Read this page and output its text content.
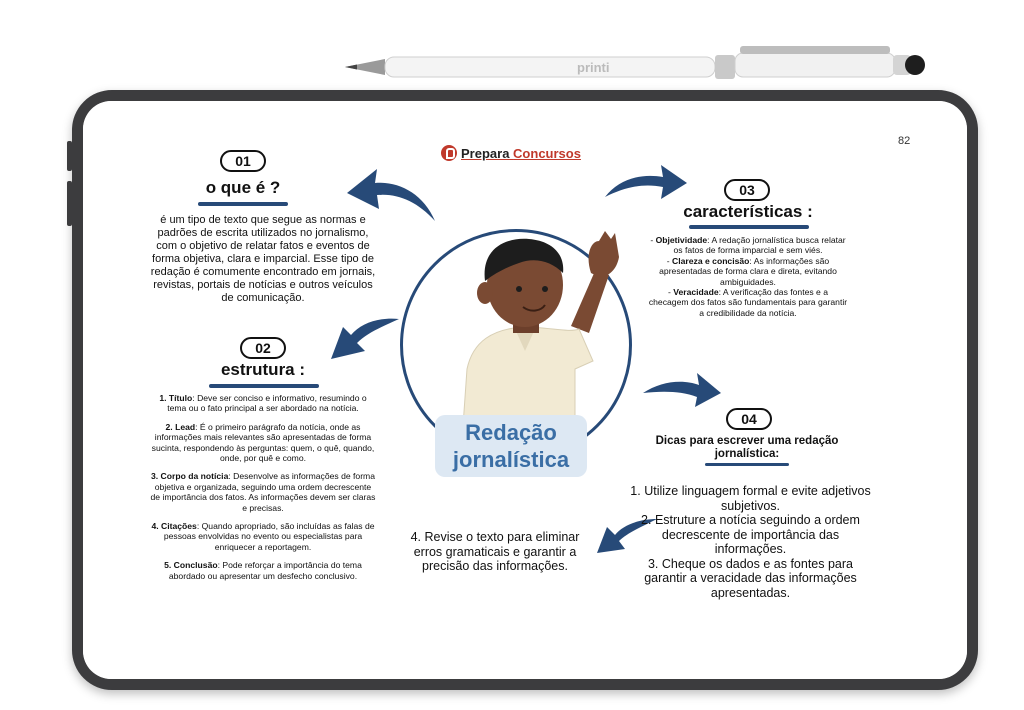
printi
82
Prepara Concursos
Redação
jornalística
01
o que é ?
é um tipo de texto que segue as normas e padrões de escrita utilizados no jornalismo, com o objetivo de relatar fatos e eventos de forma objetiva, clara e imparcial. Esse tipo de redação é comumente encontrado em jornais, revistas, portais de notícias e outros veículos de comunicação.
02
estrutura :

1. Título: Deve ser conciso e informativo, resumindo o tema ou o fato principal a ser abordado na notícia.

2. Lead: É o primeiro parágrafo da notícia, onde as informações mais relevantes são apresentadas de forma sucinta, respondendo às perguntas: quem, o quê, quando, onde, por quê e como.

3. Corpo da notícia: Desenvolve as informações de forma objetiva e organizada, seguindo uma ordem decrescente de importância dos fatos. As informações devem ser claras e precisas.

4. Citações: Quando apropriado, são incluídas as falas de pessoas envolvidas no evento ou especialistas para enriquecer a reportagem.

5. Conclusão: Pode reforçar a importância do tema abordado ou apresentar um desfecho conclusivo.

03
características :
- Objetividade: A redação jornalística busca relatar os fatos de forma imparcial e sem viés.
- Clareza e concisão: As informações são apresentadas de forma clara e direta, evitando ambiguidades.
- Veracidade: A verificação das fontes e a checagem dos fatos são fundamentais para garantir a credibilidade da notícia.
04
Dicas para escrever uma redação jornalística:
1. Utilize linguagem formal e evite adjetivos subjetivos.
2. Estruture a notícia seguindo a ordem decrescente de importância das informações.
3. Cheque os dados e as fontes para garantir a veracidade das informações apresentadas.
4. Revise o texto para eliminar erros gramaticais e garantir a precisão das informações.
